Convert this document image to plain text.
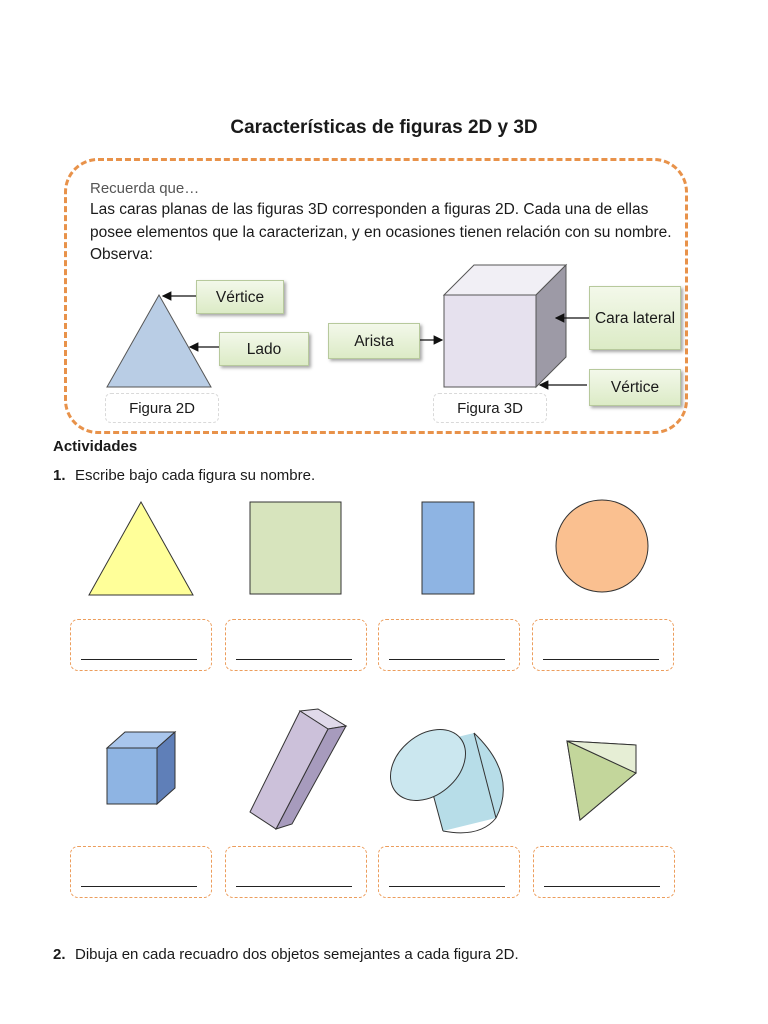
Características de figuras 2D y 3D
Recuerda que…
Las caras planas de las figuras 3D corresponden a figuras 2D. Cada una de ellas posee elementos que la caracterizan, y en ocasiones tienen relación con su nombre. Observa:
Vértice
Lado	Arista
Cara lateral
Vértice
Figura 2D	Figura 3D
Actividades
1. Escribe bajo cada figura su nombre.
2. Dibuja en cada recuadro dos objetos semejantes a cada figura 2D.
